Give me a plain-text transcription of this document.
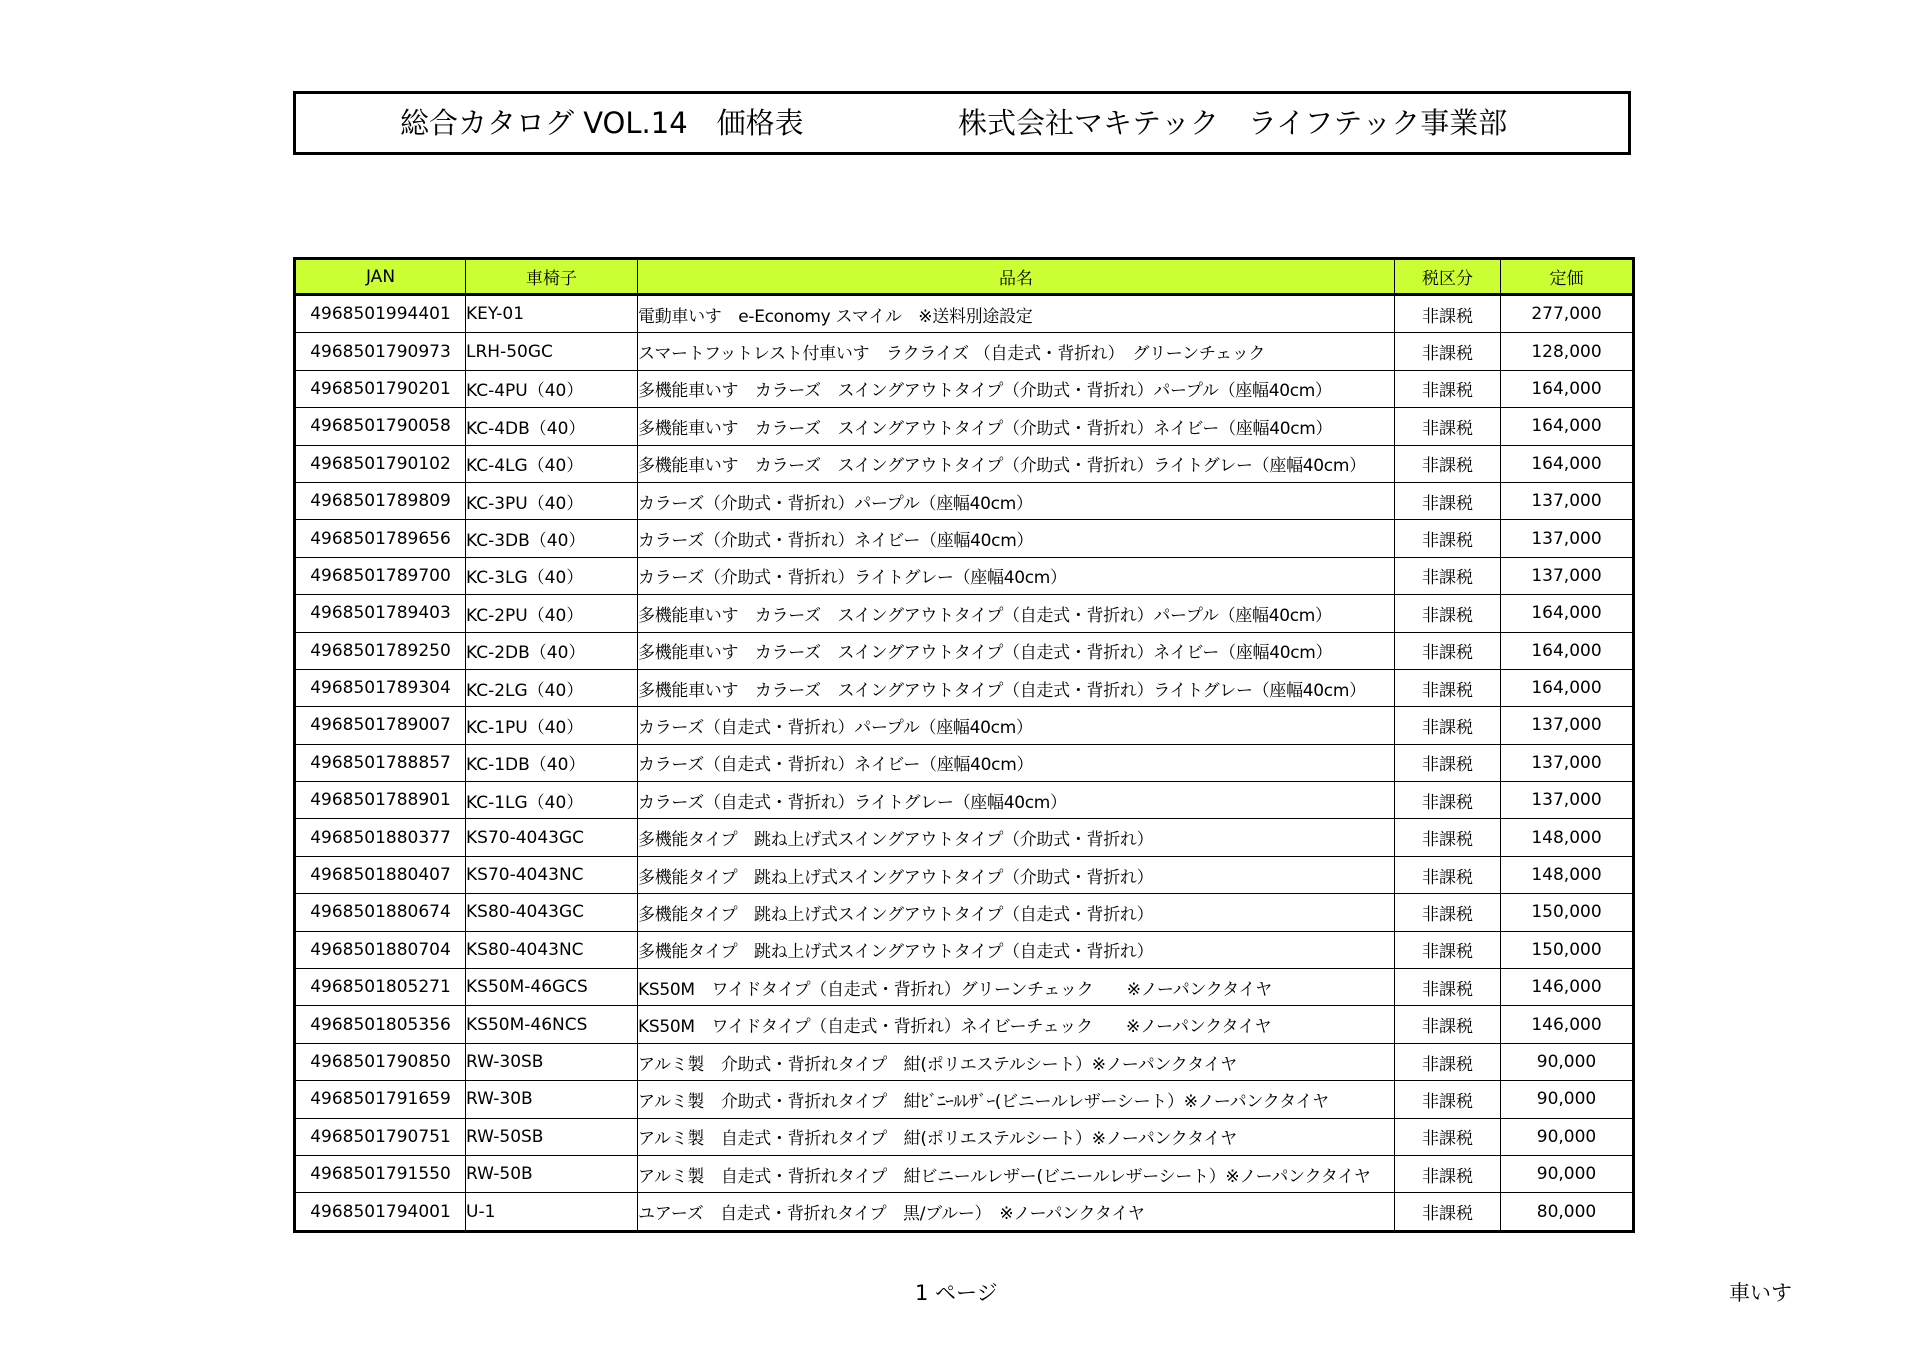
総合カタログ VOL.14　価格表	株式会社マキテック　ライフテック事業部
JAN	車椅子	品名	税区分	定価
4968501994401	KEY-01	電動車いす　e-Economy スマイル　※送料別途設定	非課税	277,000
4968501790973	LRH-50GC	スマートフットレスト付車いす　ラクライズ （自走式・背折れ）　グリーンチェック	非課税	128,000
4968501790201	KC-4PU（40）	多機能車いす　カラーズ　スイングアウトタイプ（介助式・背折れ）パープル（座幅40cm）	非課税	164,000
4968501790058	KC-4DB（40）	多機能車いす　カラーズ　スイングアウトタイプ（介助式・背折れ）ネイビー（座幅40cm）	非課税	164,000
4968501790102	KC-4LG（40）	多機能車いす　カラーズ　スイングアウトタイプ（介助式・背折れ）ライトグレー（座幅40cm）	非課税	164,000
4968501789809	KC-3PU（40）	カラーズ（介助式・背折れ）パープル（座幅40cm）	非課税	137,000
4968501789656	KC-3DB（40）	カラーズ（介助式・背折れ）ネイビー（座幅40cm）	非課税	137,000
4968501789700	KC-3LG（40）	カラーズ（介助式・背折れ）ライトグレー（座幅40cm）	非課税	137,000
4968501789403	KC-2PU（40）	多機能車いす　カラーズ　スイングアウトタイプ（自走式・背折れ）パープル（座幅40cm）	非課税	164,000
4968501789250	KC-2DB（40）	多機能車いす　カラーズ　スイングアウトタイプ（自走式・背折れ）ネイビー（座幅40cm）	非課税	164,000
4968501789304	KC-2LG（40）	多機能車いす　カラーズ　スイングアウトタイプ（自走式・背折れ）ライトグレー（座幅40cm）	非課税	164,000
4968501789007	KC-1PU（40）	カラーズ（自走式・背折れ）パープル（座幅40cm）	非課税	137,000
4968501788857	KC-1DB（40）	カラーズ（自走式・背折れ）ネイビー（座幅40cm）	非課税	137,000
4968501788901	KC-1LG（40）	カラーズ（自走式・背折れ）ライトグレー（座幅40cm）	非課税	137,000
4968501880377	KS70-4043GC	多機能タイプ　跳ね上げ式スイングアウトタイプ（介助式・背折れ）	非課税	148,000
4968501880407	KS70-4043NC	多機能タイプ　跳ね上げ式スイングアウトタイプ（介助式・背折れ）	非課税	148,000
4968501880674	KS80-4043GC	多機能タイプ　跳ね上げ式スイングアウトタイプ（自走式・背折れ）	非課税	150,000
4968501880704	KS80-4043NC	多機能タイプ　跳ね上げ式スイングアウトタイプ（自走式・背折れ）	非課税	150,000
4968501805271	KS50M-46GCS	KS50M　ワイドタイプ（自走式・背折れ）グリーンチェック　　※ノーパンクタイヤ	非課税	146,000
4968501805356	KS50M-46NCS	KS50M　ワイドタイプ（自走式・背折れ）ネイビーチェック　　※ノーパンクタイヤ	非課税	146,000
4968501790850	RW-30SB	アルミ製　介助式・背折れタイプ　紺(ポリエステルシート）※ノーパンクタイヤ	非課税	90,000
4968501791659	RW-30B	アルミ製　介助式・背折れタイプ　紺ﾋﾞﾆｰﾙﾚｻﾞｰ(ビニールレザーシート）※ノーパンクタイヤ	非課税	90,000
4968501790751	RW-50SB	アルミ製　自走式・背折れタイプ　紺(ポリエステルシート）※ノーパンクタイヤ	非課税	90,000
4968501791550	RW-50B	アルミ製　自走式・背折れタイプ　紺ビニールレザー(ビニールレザーシート）※ノーパンクタイヤ	非課税	90,000
4968501794001	U-1	ユアーズ　自走式・背折れタイプ　黒/ブルー）　※ノーパンクタイヤ	非課税	80,000
1 ページ	車いす
